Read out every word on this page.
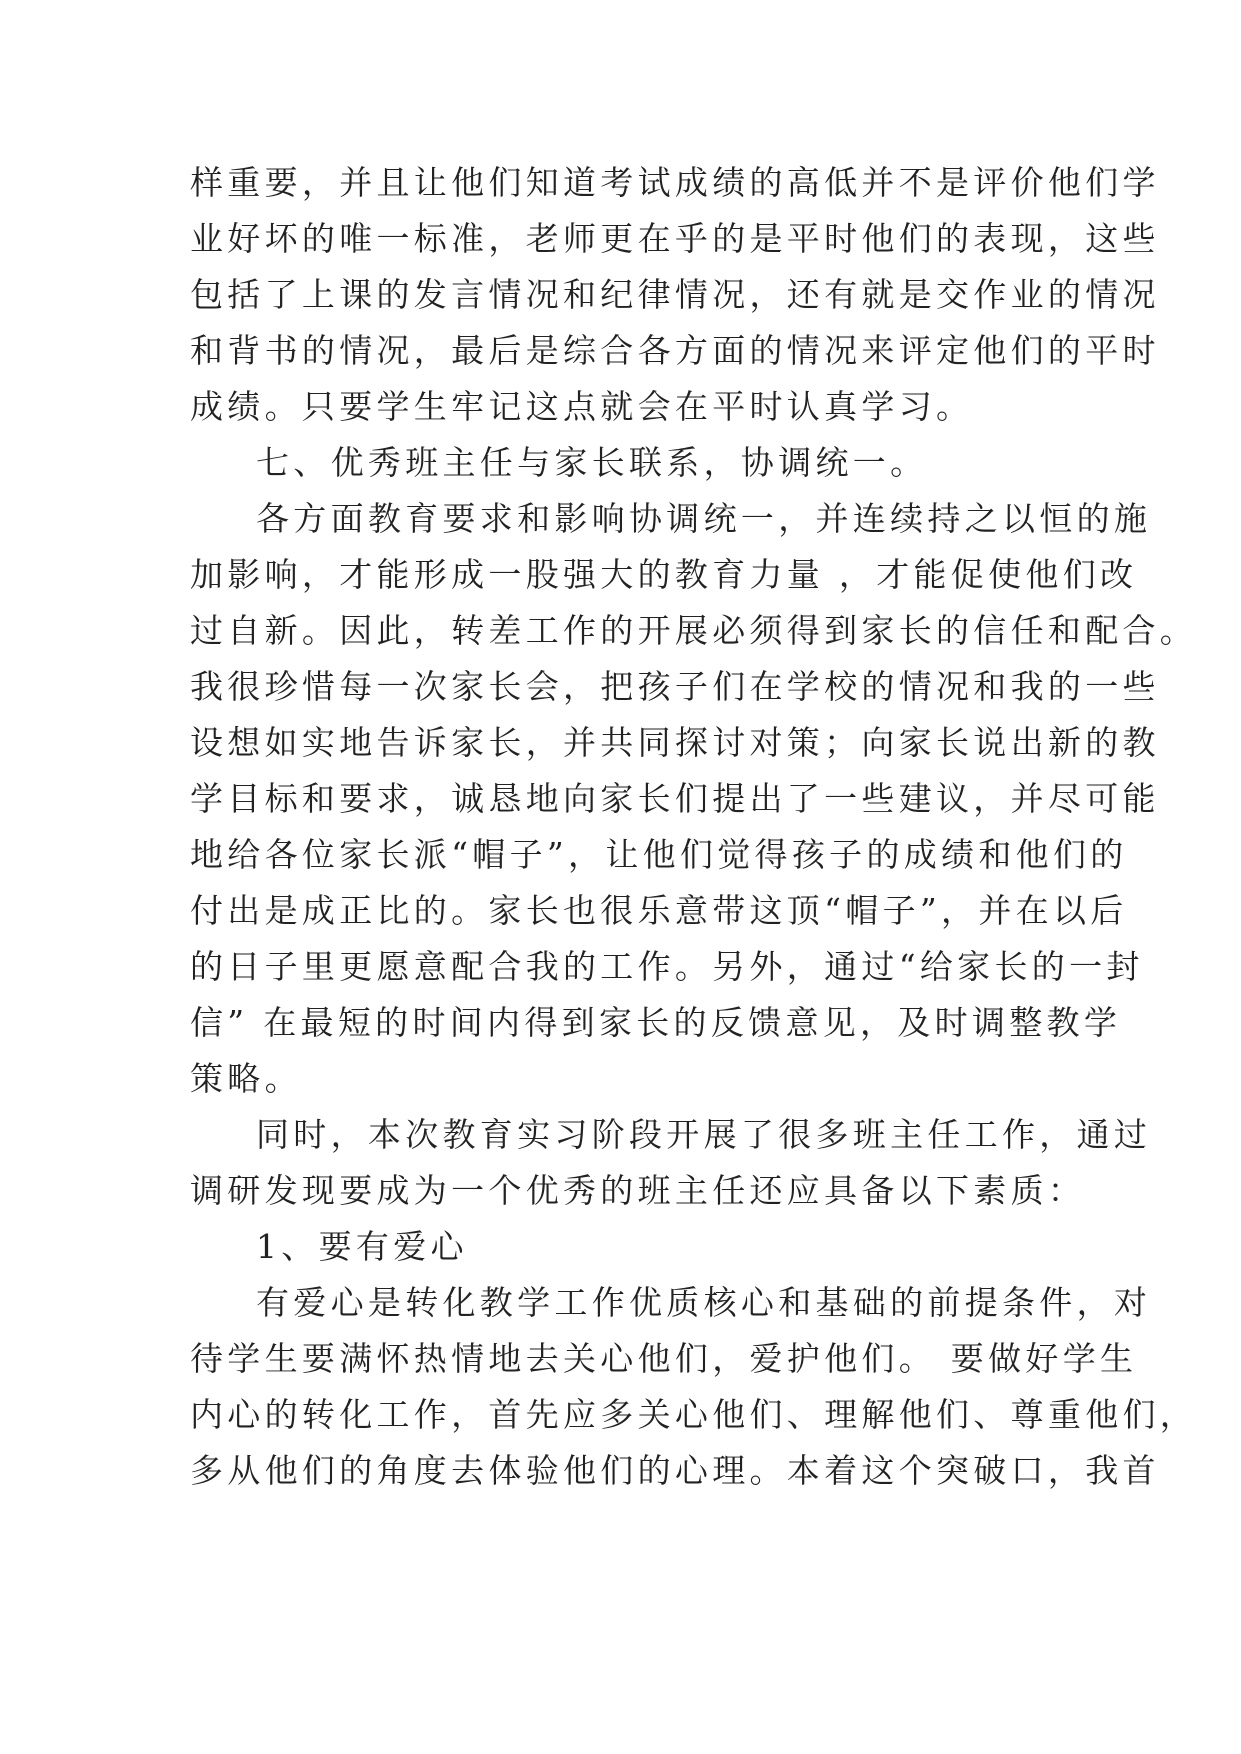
样重要，并且让他们知道考试成绩的高低并不是评价他们学
业好坏的唯一标准，老师更在乎的是平时他们的表现，这些
包括了上课的发言情况和纪律情况，还有就是交作业的情况
和背书的情况，最后是综合各方面的情况来评定他们的平时
成绩。只要学生牢记这点就会在平时认真学习。
七、优秀班主任与家长联系，协调统一。
各方面教育要求和影响协调统一，并连续持之以恒的施
加影响，才能形成一股强大的教育力量 ，才能促使他们改
过自新。因此，转差工作的开展必须得到家长的信任和配合。
我很珍惜每一次家长会，把孩子们在学校的情况和我的一些
设想如实地告诉家长，并共同探讨对策；向家长说出新的教
学目标和要求，诚恳地向家长们提出了一些建议，并尽可能
地给各位家长派“帽子”，让他们觉得孩子的成绩和他们的
付出是成正比的。家长也很乐意带这顶“帽子”，并在以后
的日子里更愿意配合我的工作。另外，通过“给家长的一封
信” 在最短的时间内得到家长的反馈意见，及时调整教学
策略。
同时，本次教育实习阶段开展了很多班主任工作，通过
调研发现要成为一个优秀的班主任还应具备以下素质：
1、要有爱心
有爱心是转化教学工作优质核心和基础的前提条件，对
待学生要满怀热情地去关心他们，爱护他们。 要做好学生
内心的转化工作，首先应多关心他们、理解他们、尊重他们，
多从他们的角度去体验他们的心理。本着这个突破口，我首
